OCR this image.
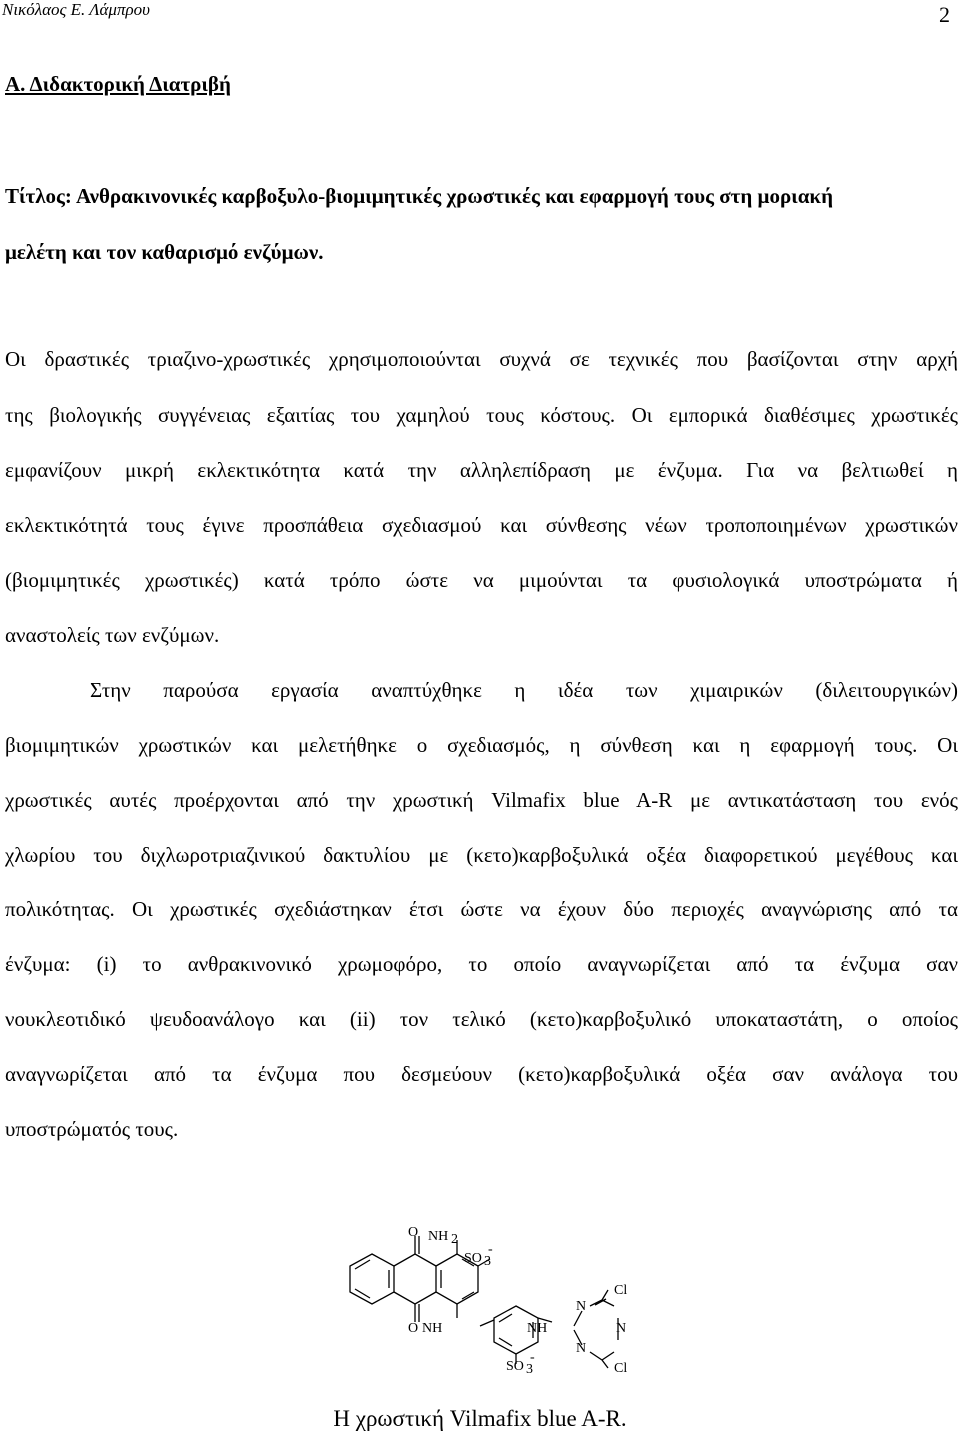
Νικόλαος Ε. Λάμπρου	2
Α. Διδακτορική Διατριβή
Τίτλος: Ανθρακινονικές καρβοξυλο-βιομιμητικές χρωστικές και εφαρμογή τους στη μοριακή
μελέτη και τον καθαρισμό ενζύμων.
Οι δραστικές τριαζινο-χρωστικές χρησιμοποιούνται συχνά σε τεχνικές που βασίζονται στην αρχή
της βιολογικής συγγένειας εξαιτίας του χαμηλού τους κόστους. Οι εμπορικά διαθέσιμες χρωστικές
εμφανίζουν μικρή εκλεκτικότητα κατά την αλληλεπίδραση με ένζυμα. Για να βελτιωθεί η
εκλεκτικότητά τους έγινε προσπάθεια σχεδιασμού και σύνθεσης νέων τροποποιημένων χρωστικών
(βιομιμητικές χρωστικές) κατά τρόπο ώστε να μιμούνται τα φυσιολογικά υποστρώματα ή
αναστολείς των ενζύμων.
Στην παρούσα εργασία αναπτύχθηκε η ιδέα των χιμαιρικών (διλειτουργικών)
βιομιμητικών χρωστικών και μελετήθηκε ο σχεδιασμός, η σύνθεση και η εφαρμογή τους. Οι
χρωστικές αυτές προέρχονται από την χρωστική Vilmafix blue A-R με αντικατάσταση του ενός
χλωρίου του διχλωροτριαζινικού δακτυλίου με (κετο)καρβοξυλικά οξέα διαφορετικού μεγέθους και
πολικότητας. Οι χρωστικές σχεδιάστηκαν έτσι ώστε να έχουν δύο περιοχές αναγνώρισης από τα
ένζυμα: (i) το ανθρακινονικό χρωμοφόρο, το οποίο αναγνωρίζεται από τα ένζυμα σαν
νουκλεοτιδικό ψευδοανάλογο και (ii) τον τελικό (κετο)καρβοξυλικό υποκαταστάτη, ο οποίος
αναγνωρίζεται από τα ένζυμα που δεσμεύουν (κετο)καρβοξυλικά οξέα σαν ανάλογα του
υποστρώματός τους.
O
O
NH 2
SO 3
-
NH	NH
SO 3
-
N
N
N
Cl
Cl
Η χρωστική Vilmafix blue A-R.
